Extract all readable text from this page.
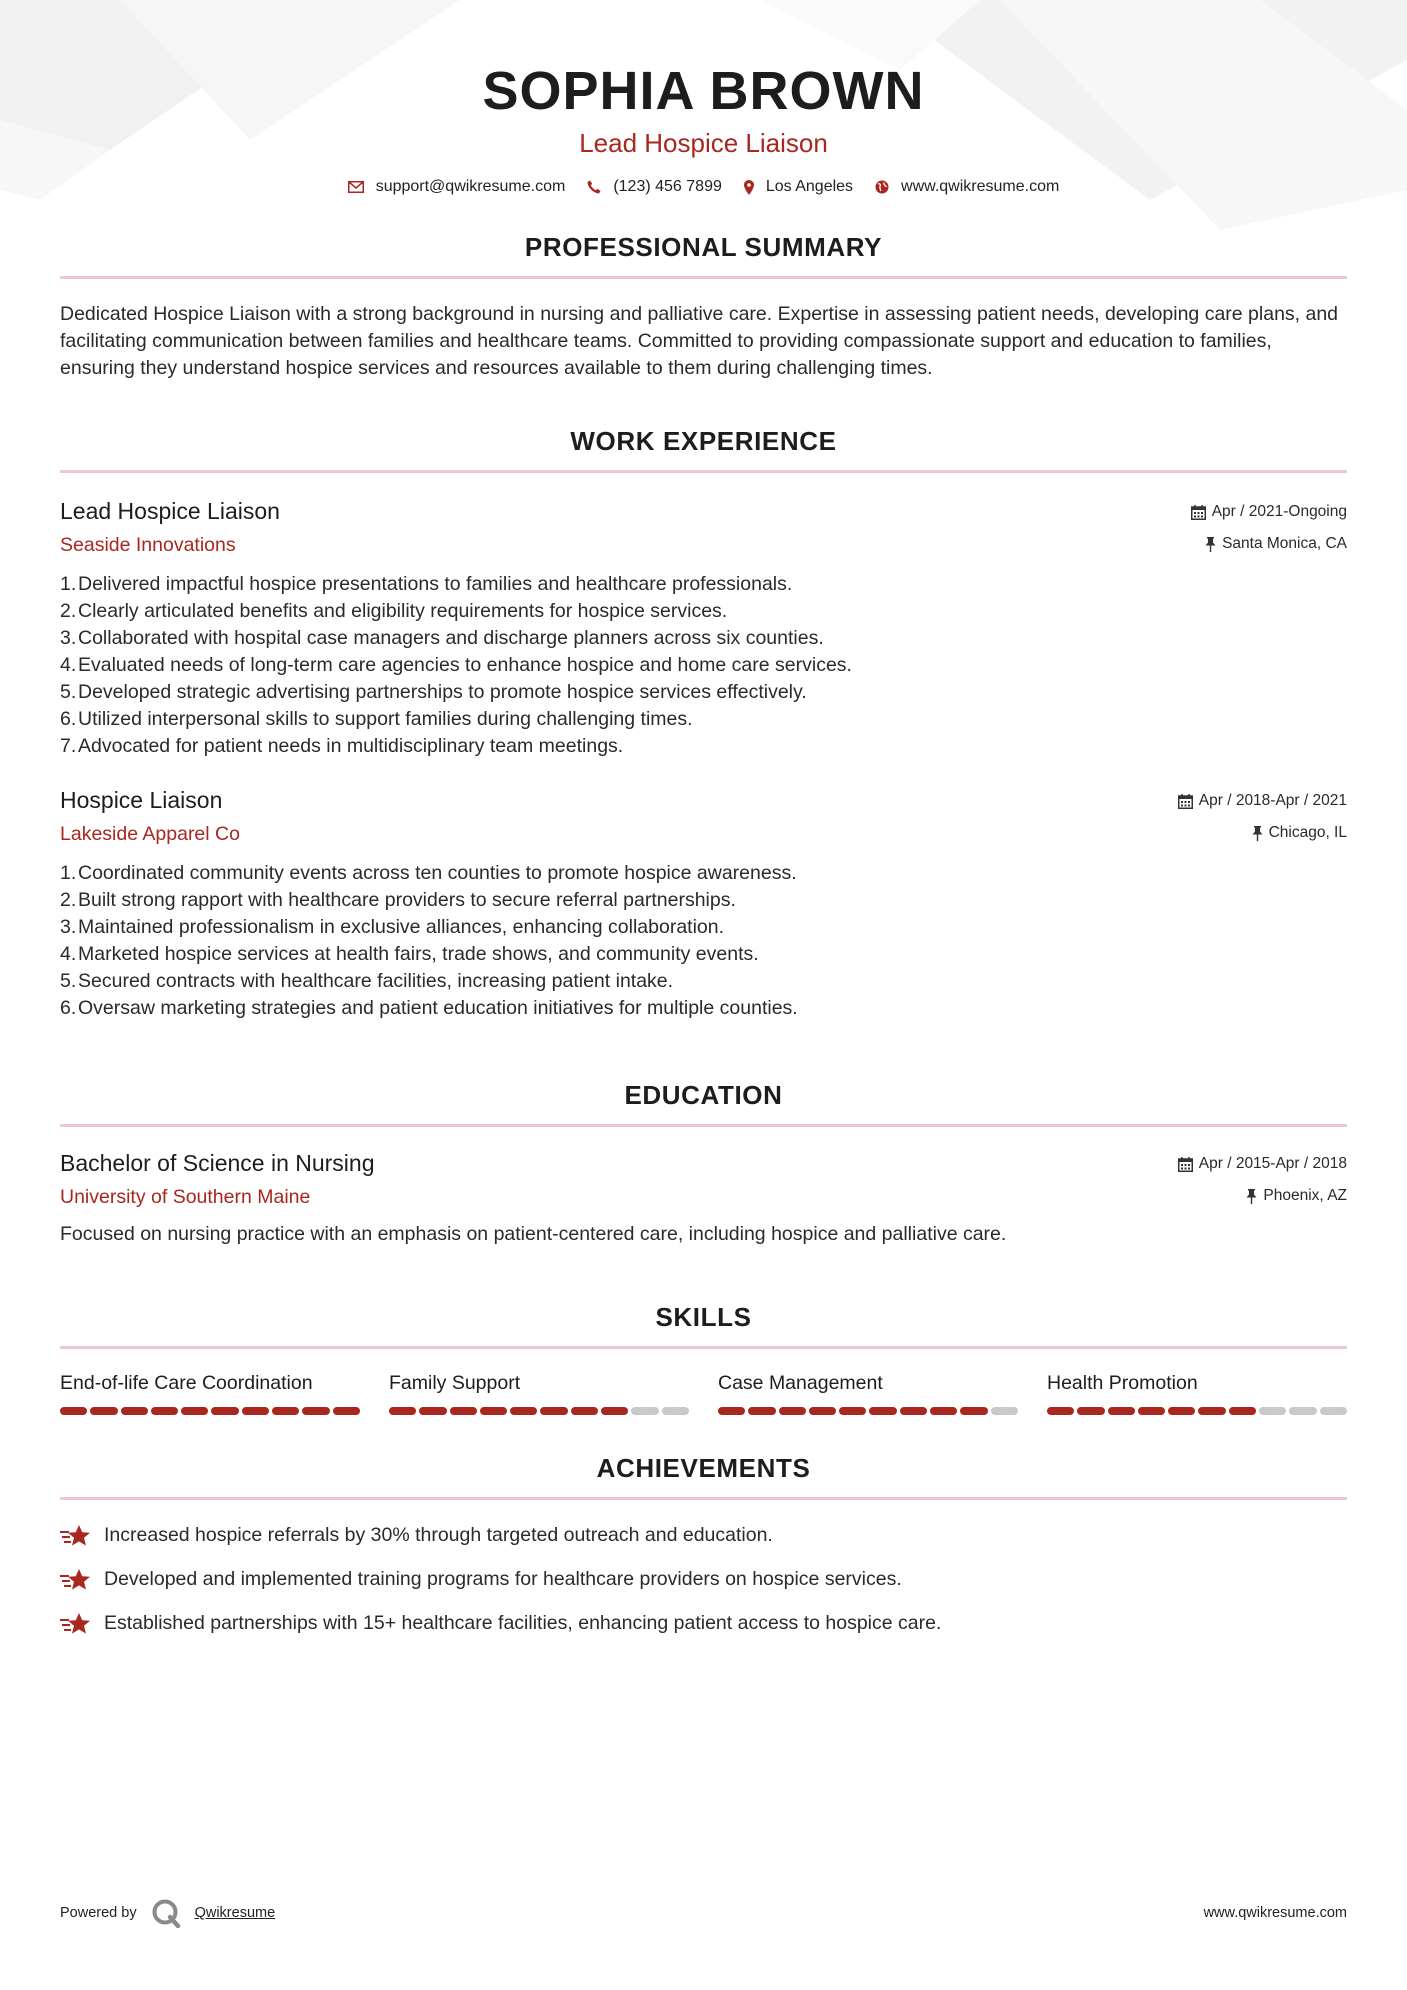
SOPHIA BROWN
Lead Hospice Liaison
support@qwikresume.com	(123) 456 7899	Los Angeles	www.qwikresume.com
PROFESSIONAL SUMMARY

Dedicated Hospice Liaison with a strong background in nursing and palliative care. Expertise in assessing patient needs, developing care plans, and facilitating communication between families and healthcare teams. Committed to providing compassionate support and education to families, ensuring they understand hospice services and resources available to them during challenging times.

WORK EXPERIENCE
Lead Hospice Liaison
Seaside Innovations
Apr / 2021-Ongoing
Santa Monica, CA
1. Delivered impactful hospice presentations to families and healthcare professionals.
2. Clearly articulated benefits and eligibility requirements for hospice services.
3. Collaborated with hospital case managers and discharge planners across six counties.
4. Evaluated needs of long-term care agencies to enhance hospice and home care services.
5. Developed strategic advertising partnerships to promote hospice services effectively.
6. Utilized interpersonal skills to support families during challenging times.
7. Advocated for patient needs in multidisciplinary team meetings.
Hospice Liaison
Lakeside Apparel Co
Apr / 2018-Apr / 2021
Chicago, IL
1. Coordinated community events across ten counties to promote hospice awareness.
2. Built strong rapport with healthcare providers to secure referral partnerships.
3. Maintained professionalism in exclusive alliances, enhancing collaboration.
4. Marketed hospice services at health fairs, trade shows, and community events.
5. Secured contracts with healthcare facilities, increasing patient intake.
6. Oversaw marketing strategies and patient education initiatives for multiple counties.
EDUCATION
Bachelor of Science in Nursing
University of Southern Maine
Apr / 2015-Apr / 2018
Phoenix, AZ

Focused on nursing practice with an emphasis on patient-centered care, including hospice and palliative care.

SKILLS
End-of-life Care Coordination	Family Support	Case Management	Health Promotion
ACHIEVEMENTS
Increased hospice referrals by 30% through targeted outreach and education.
Developed and implemented training programs for healthcare providers on hospice services.
Established partnerships with 15+ healthcare facilities, enhancing patient access to hospice care.
Powered by	Qwikresume	www.qwikresume.com
